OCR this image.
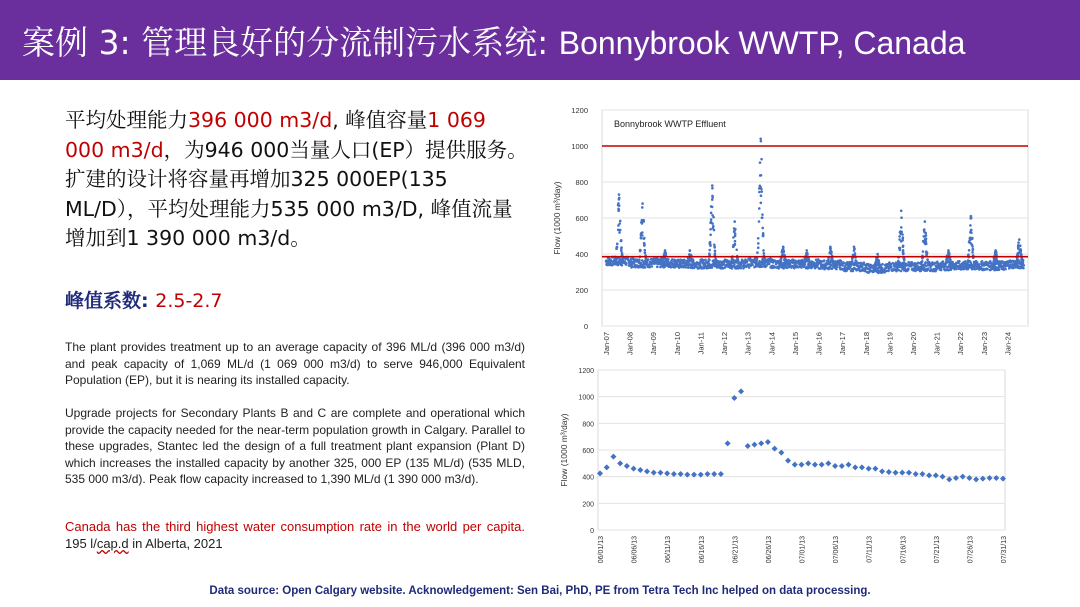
案例 3: 管理良好的分流制污水系统: Bonnybrook WWTP, Canada
平均处理能力396 000 m3/d, 峰值容量1 069 000 m3/d，为946 000当量人口(EP）提供服务。扩建的设计将容量再增加325 000EP(135 ML/D），平均处理能力535 000 m3/D, 峰值流量增加到1 390 000 m3/d。
峰值系数: 2.5-2.7
The plant provides treatment up to an average capacity of 396 ML/d (396 000 m3/d) and peak capacity of 1,069 ML/d (1 069 000 m3/d) to serve 946,000 Equivalent Population (EP), but it is nearing its installed capacity.
Upgrade projects for Secondary Plants B and C are complete and operational which provide the capacity needed for the near-term population growth in Calgary. Parallel to these upgrades, Stantec led the design of a full treatment plant expansion (Plant D) which increases the installed capacity by another 325, 000 EP (135 ML/d) (535 MLD, 535 000 m3/d). Peak flow capacity increased to 1,390 ML/d (1 390 000 m3/d).
Canada has the third highest water consumption rate in the world per capita. 195 l/cap.d in Alberta, 2021
0
200
400
600
800
1000
1200
Flow (1000 m³/day)
Bonnybrook WWTP Effluent
Jan-07 Jan-08 Jan-09 Jan-10 Jan-11 Jan-12 Jan-13 Jan-14 Jan-15 Jan-16 Jan-17 Jan-18 Jan-19 Jan-20 Jan-21 Jan-22 Jan-23 Jan-24
0
200
400
600
800
1000
1200
Flow (1000 m³/day)
06/01/13	06/06/13	06/11/13	06/16/13	06/21/13	06/26/13	07/01/13	07/06/13	07/11/13	07/16/13	07/21/13	07/26/13	07/31/13
Data source: Open Calgary website. Acknowledgement: Sen Bai, PhD, PE from Tetra Tech Inc helped on data processing.
